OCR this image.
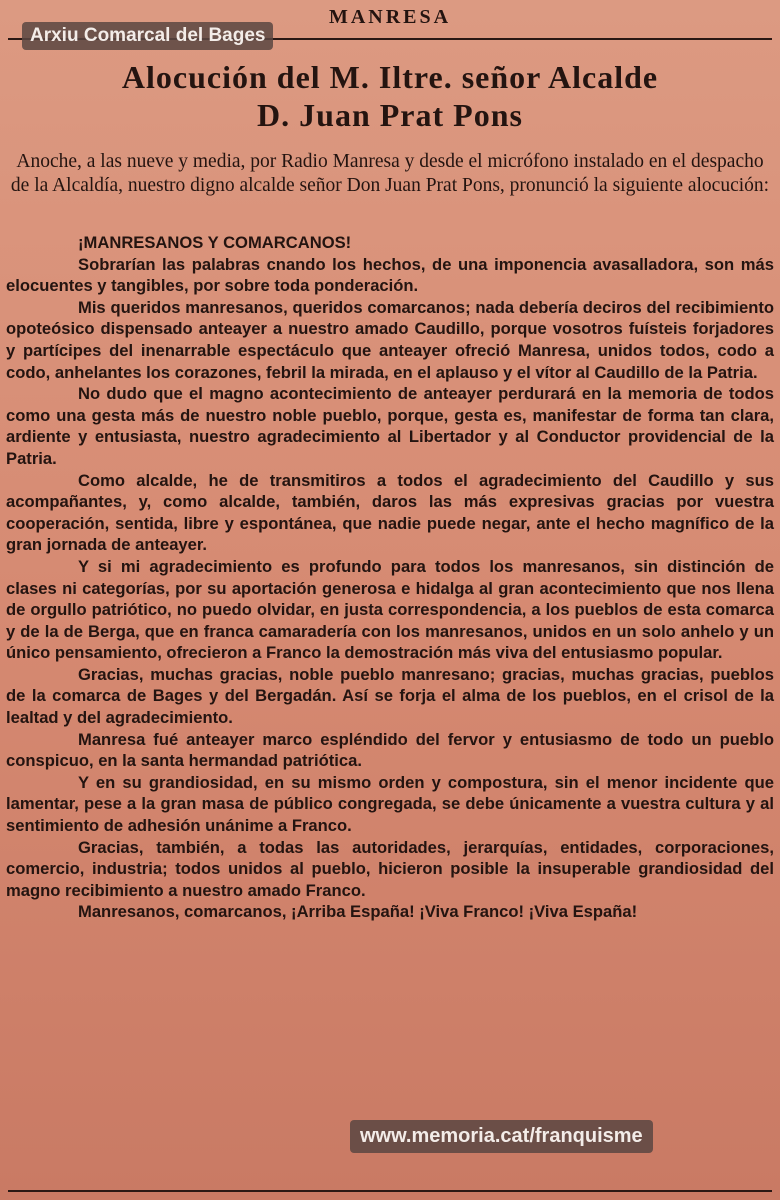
MANRESA
Alocución del M. Iltre. señor Alcalde
D. Juan Prat Pons
Anoche, a las nueve y media, por Radio Manresa y desde el micrófono instalado en el despacho de la Alcaldía, nuestro digno alcalde señor Don Juan Prat Pons, pronunció la siguiente alocución:

¡MANRESANOS Y COMARCANOS!

Sobrarían las palabras cnando los hechos, de una imponencia avasalladora, son más elocuentes y tangibles, por sobre toda ponderación.

Mis queridos manresanos, queridos comarcanos; nada debería deciros del recibimiento opoteósico dispensado anteayer a nuestro amado Caudillo, porque vosotros fuísteis forjadores y partícipes del inenarrable espectáculo que anteayer ofreció Manresa, unidos todos, codo a codo, anhelantes los corazones, febril la mirada, en el aplauso y el vítor al Caudillo de la Patria.

No dudo que el magno acontecimiento de anteayer perdurará en la memoria de todos como una gesta más de nuestro noble pueblo, porque, gesta es, manifestar de forma tan clara, ardiente y entusiasta, nuestro agradecimiento al Libertador y al Conductor providencial de la Patria.

Como alcalde, he de transmitiros a todos el agradecimiento del Caudillo y sus acompañantes, y, como alcalde, también, daros las más expresivas gracias por vuestra cooperación, sentida, libre y espontánea, que nadie puede negar, ante el hecho magnífico de la gran jornada de anteayer.

Y si mi agradecimiento es profundo para todos los manresanos, sin distinción de clases ni categorías, por su aportación generosa e hidalga al gran acontecimiento que nos llena de orgullo patriótico, no puedo olvidar, en justa correspondencia, a los pueblos de esta comarca y de la de Berga, que en franca camaradería con los manresanos, unidos en un solo anhelo y un único pensamiento, ofrecieron a Franco la demostración más viva del entusiasmo popular.

Gracias, muchas gracias, noble pueblo manresano; gracias, muchas gracias, pueblos de la comarca de Bages y del Bergadán. Así se forja el alma de los pueblos, en el crisol de la lealtad y del agradecimiento.

Manresa fué anteayer marco espléndido del fervor y entusiasmo de todo un pueblo conspicuo, en la santa hermandad patriótica.

Y en su grandiosidad, en su mismo orden y compostura, sin el menor incidente que lamentar, pese a la gran masa de público congregada, se debe únicamente a vuestra cultura y al sentimiento de adhesión unánime a Franco.

Gracias, también, a todas las autoridades, jerarquías, entidades, corporaciones, comercio, industria; todos unidos al pueblo, hicieron posible la insuperable grandiosidad del magno recibimiento a nuestro amado Franco.

Manresanos, comarcanos, ¡Arriba España! ¡Viva Franco! ¡Viva España!

Arxiu Comarcal del Bages
www.memoria.cat/franquisme
